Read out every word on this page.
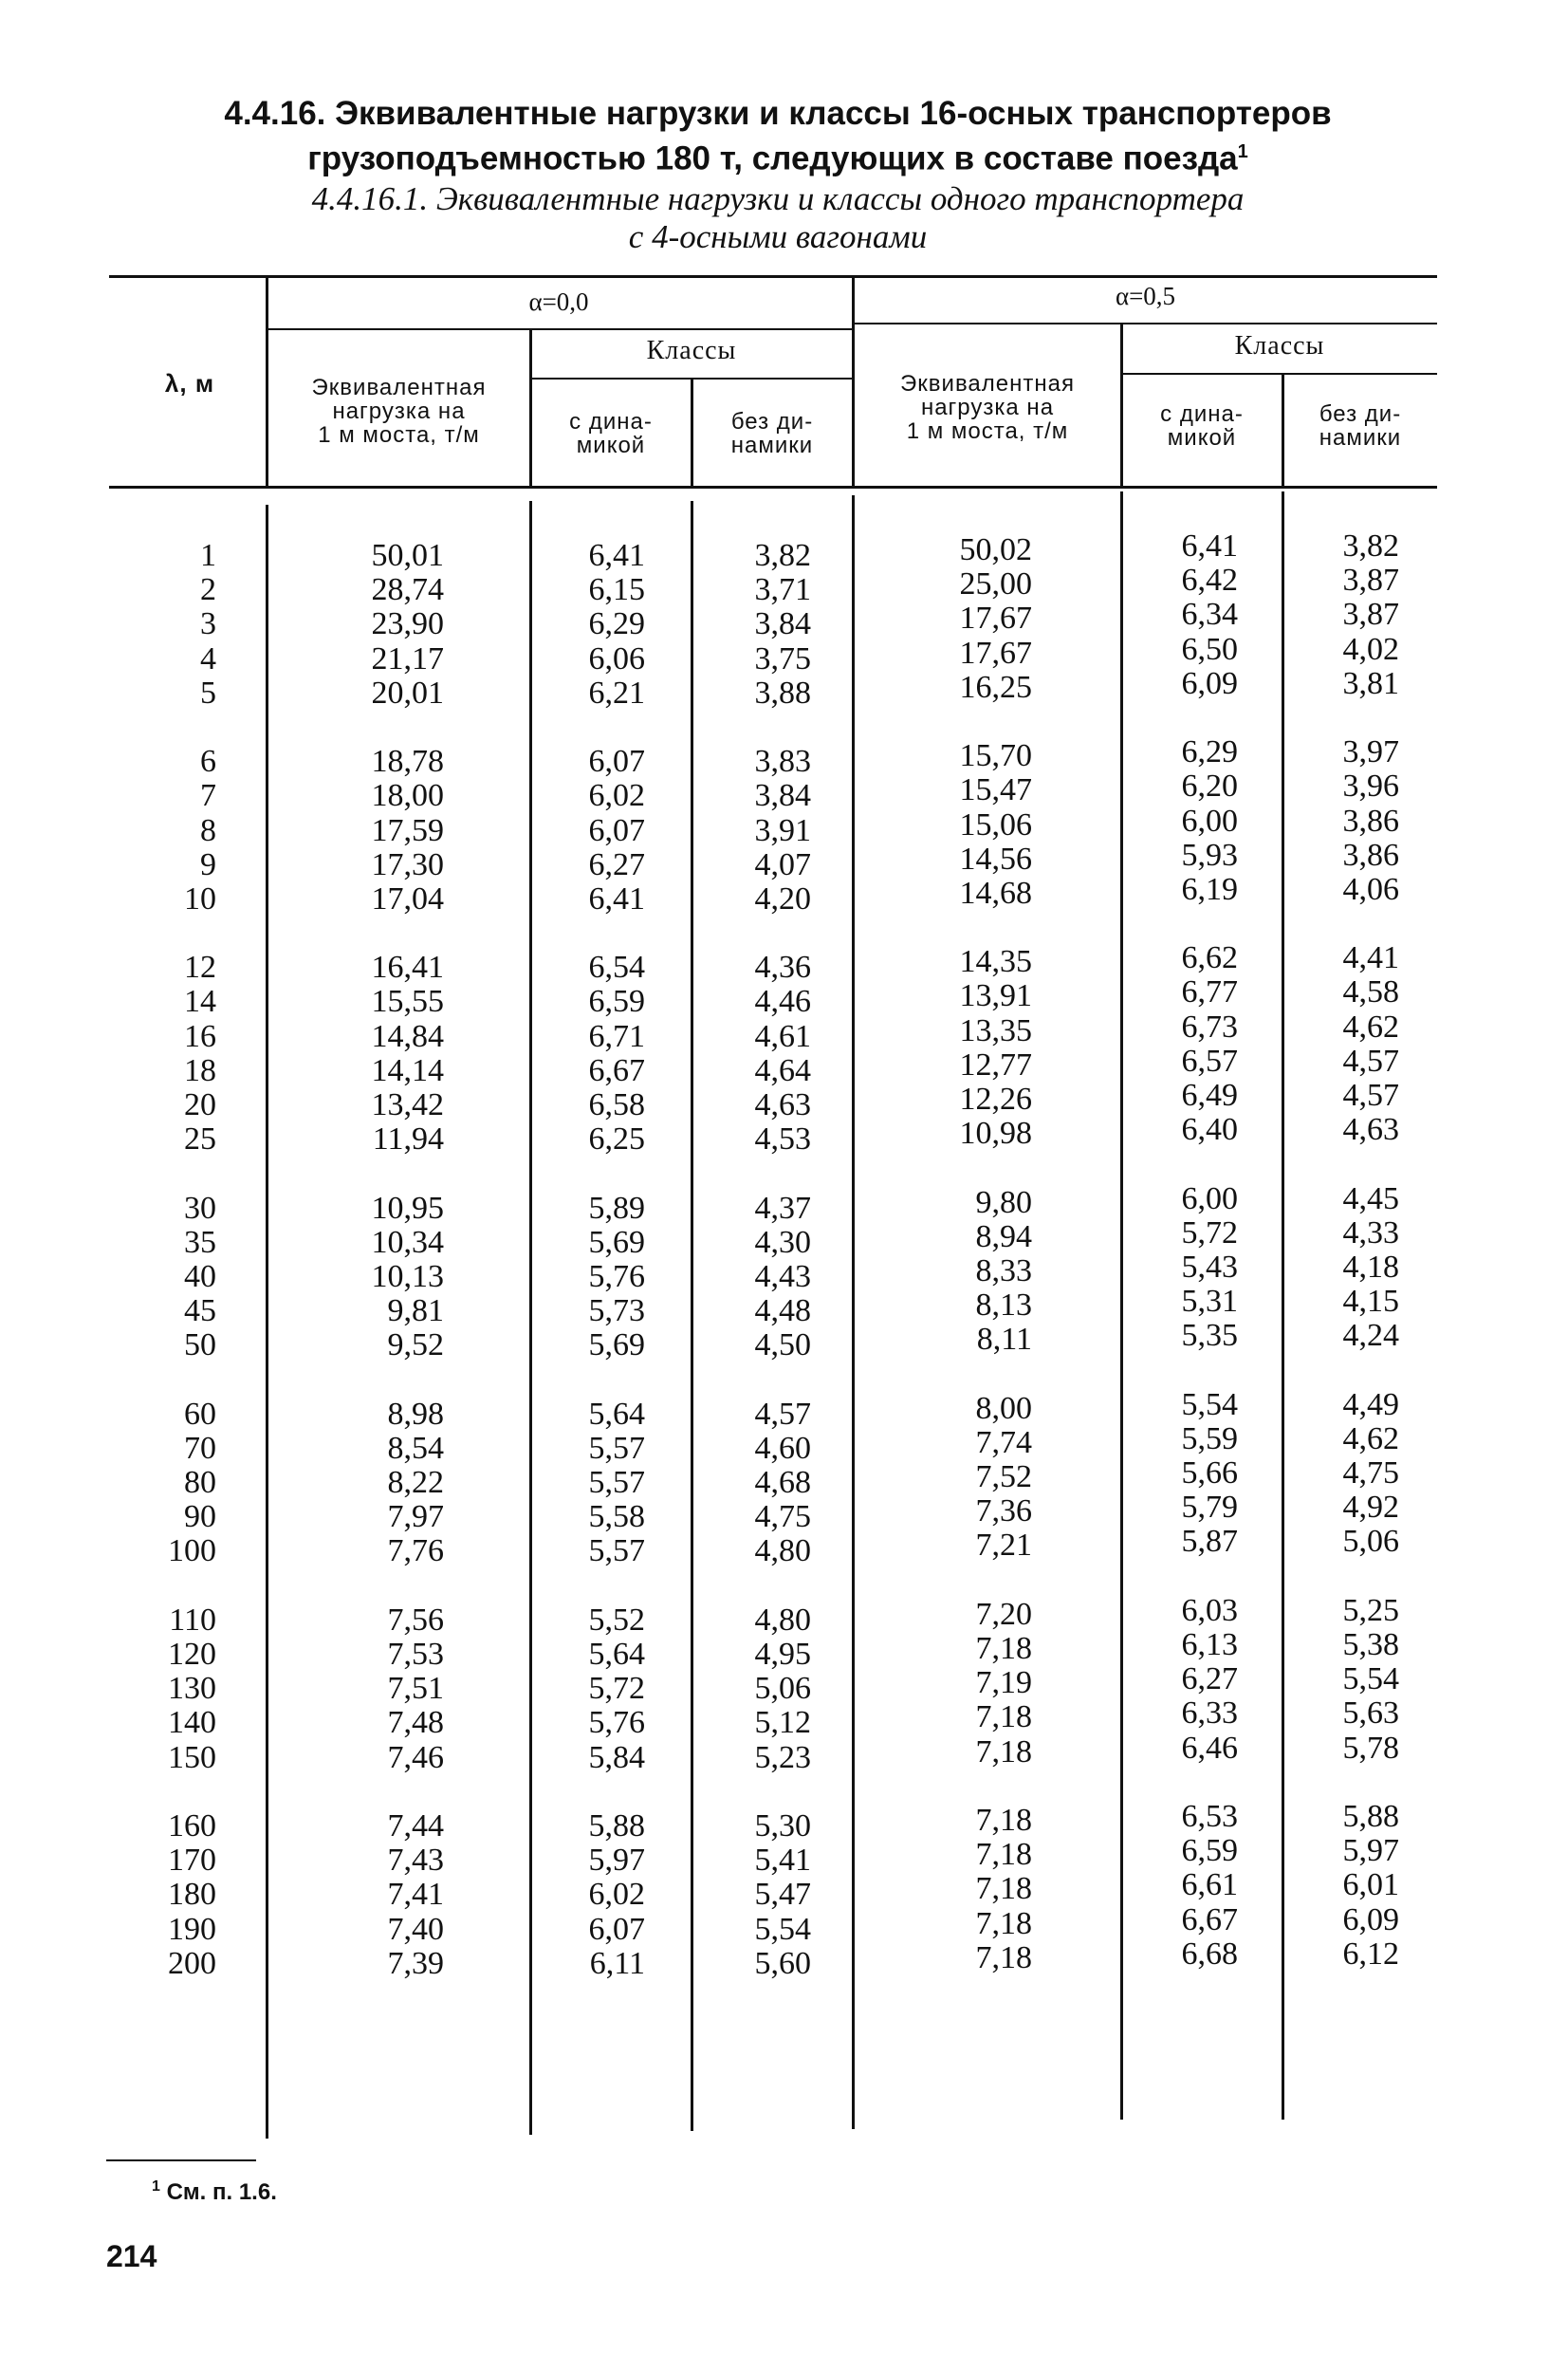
4.4.16. Эквивалентные нагрузки и классы 16-осных транспортеров
грузоподъемностью 180 т, следующих в составе поезда$^1$
4.4.16.1. Эквивалентные нагрузки и классы одного транспортера
с 4-осными вагонами
λ, м
α=0,0	α=0,5
Эквивалентная
нагрузка на
1 м моста, т/м
Классы
с дина-
микой
без ди-
намики
Эквивалентная
нагрузка на
1 м моста, т/м
Классы
с дина-
микой
без ди-
намики
1
2
3
4
5
6
7
8
9
10
12
14
16
18
20
25
30
35
40
45
50
60
70
80
90
100
110
120
130
140
150
160
170
180
190
200
50,01
28,74
23,90
21,17
20,01
18,78
18,00
17,59
17,30
17,04
16,41
15,55
14,84
14,14
13,42
11,94
10,95
10,34
10,13
9,81
9,52
8,98
8,54
8,22
7,97
7,76
7,56
7,53
7,51
7,48
7,46
7,44
7,43
7,41
7,40
7,39
6,41
6,15
6,29
6,06
6,21
6,07
6,02
6,07
6,27
6,41
6,54
6,59
6,71
6,67
6,58
6,25
5,89
5,69
5,76
5,73
5,69
5,64
5,57
5,57
5,58
5,57
5,52
5,64
5,72
5,76
5,84
5,88
5,97
6,02
6,07
6,11
3,82
3,71
3,84
3,75
3,88
3,83
3,84
3,91
4,07
4,20
4,36
4,46
4,61
4,64
4,63
4,53
4,37
4,30
4,43
4,48
4,50
4,57
4,60
4,68
4,75
4,80
4,80
4,95
5,06
5,12
5,23
5,30
5,41
5,47
5,54
5,60
50,02
25,00
17,67
17,67
16,25
15,70
15,47
15,06
14,56
14,68
14,35
13,91
13,35
12,77
12,26
10,98
9,80
8,94
8,33
8,13
8,11
8,00
7,74
7,52
7,36
7,21
7,20
7,18
7,19
7,18
7,18
7,18
7,18
7,18
7,18
7,18
6,41
6,42
6,34
6,50
6,09
6,29
6,20
6,00
5,93
6,19
6,62
6,77
6,73
6,57
6,49
6,40
6,00
5,72
5,43
5,31
5,35
5,54
5,59
5,66
5,79
5,87
6,03
6,13
6,27
6,33
6,46
6,53
6,59
6,61
6,67
6,68
3,82
3,87
3,87
4,02
3,81
3,97
3,96
3,86
3,86
4,06
4,41
4,58
4,62
4,57
4,57
4,63
4,45
4,33
4,18
4,15
4,24
4,49
4,62
4,75
4,92
5,06
5,25
5,38
5,54
5,63
5,78
5,88
5,97
6,01
6,09
6,12
$^1$ См. п. 1.6.
214
